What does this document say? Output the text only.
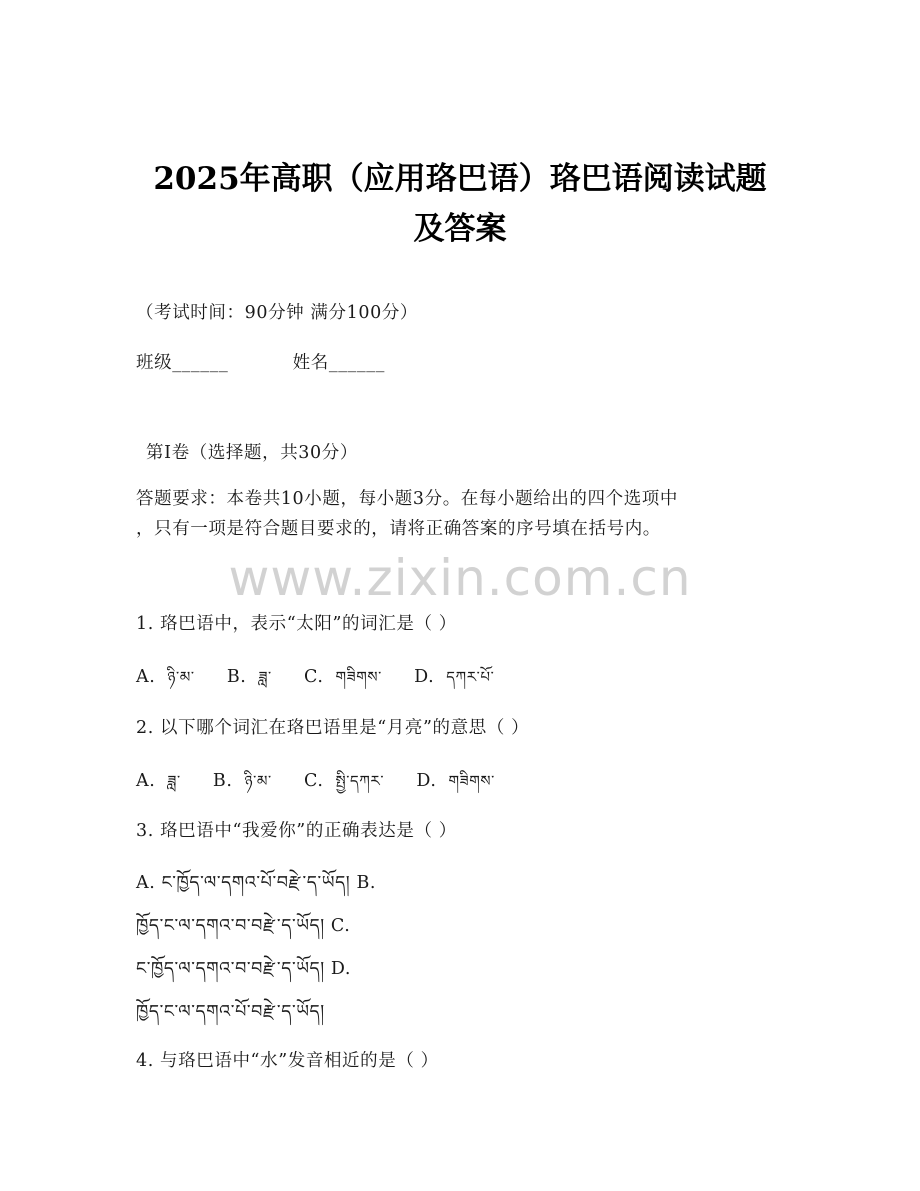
2025年高职（应用珞巴语）珞巴语阅读试题
及答案
（考试时间：90分钟 满分100分）
班级______	姓名______
第I卷（选择题，共30分）
答题要求：本卷共10小题，每小题3分。在每小题给出的四个选项中
，只有一项是符合题目要求的，请将正确答案的序号填在括号内。
www.zixin.com.cn
1. 珞巴语中，表示“太阳”的词汇是（ ）
A. ཉི་མ་ B. ཟླ་ C. གཟིགས་ D. དཀར་པོ་
2. 以下哪个词汇在珞巴语里是“月亮”的意思（ ）
A. ཟླ་ B. ཉི་མ་ C. སྤྱི་དཀར་ D. གཟིགས་
3. 珞巴语中“我爱你”的正确表达是（ ）
A. ང་ཁྱོད་ལ་དགའ་པོ་བརྫེ་ད་ཡོད། B.
ཁྱོད་ང་ལ་དགའ་བ་བརྫེ་ད་ཡོད། C.
ང་ཁྱོད་ལ་དགའ་བ་བརྫེ་ད་ཡོད། D.
ཁྱོད་ང་ལ་དགའ་པོ་བརྫེ་ད་ཡོད།
4. 与珞巴语中“水”发音相近的是（ ）
